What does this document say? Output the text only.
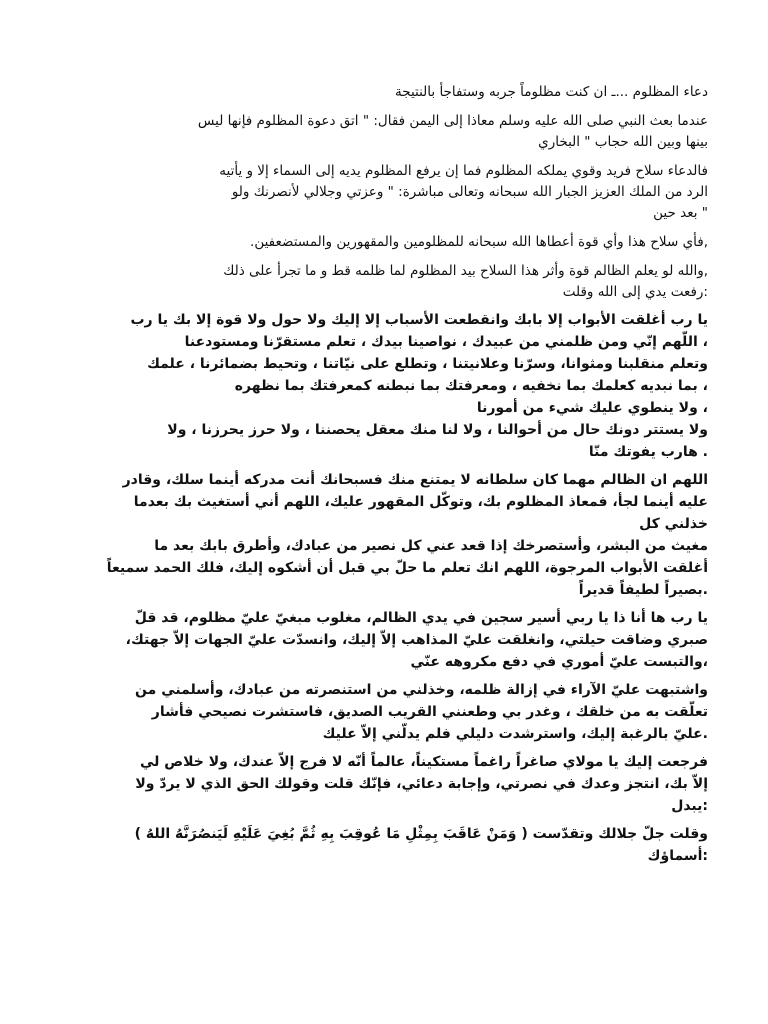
دعاء المظلوم ...ـ ان كنت مظلوماً جربه وستفاجأ بالنتيجة

عندما بعث النبي صلى الله عليه وسلم معاذا إلى اليمن فقال: " اتق دعوة المظلوم فإنها ليس
بينها وبين الله حجاب " البخاري

فالدعاء سلاح فريد وقوي يملكه المظلوم فما إن يرفع المظلوم يديه إلى السماء إلا و يأتيه
الرد من الملك العزيز الجبار الله سبحانه وتعالى مباشرة: " وعزتي وجلالي لأنصرنك ولو
" بعد حين

,فأي سلاح هذا وأي قوة أعطاها الله سبحانه للمظلومين والمقهورين والمستضعفين.

,والله لو يعلم الظالم قوة وأثر هذا السلاح بيد المظلوم لما ظلمه قط و ما تجرأ على ذلك
:رفعت يدي إلى الله وقلت

يا رب أغلقت الأبواب إلا بابك وانقطعت الأسباب إلا إليك ولا حول ولا قوة إلا بك يا رب
، اللّهم إنّي ومن ظلمني من عبيدك ، نواصينا بيدك ، تعلم مستقرّنا ومستودعنا
وتعلم منقلبنا ومثوانا، وسرّنا وعلانيتنا ، وتطلع على نيّاتنا ، وتحيط بضمائرنا ، علمك
، بما نبديه كعلمك بما نخفيه ، ومعرفتك بما نبطنه كمعرفتك بما نظهره
، ولا ينطوي عليك شيء من أمورنا
ولا يستتر دونك حال من أحوالنا ، ولا لنا منك معقل يحصننا ، ولا حرز يحرزنا ، ولا
. هارب يفوتك منّا

اللهم ان الظالم مهما كان سلطانه لا يمتنع منك فسبحانك أنت مدركه أينما سلك، وقادر
عليه أينما لجأ، فمعاذ المظلوم بك، وتوكّل المقهور عليك، اللهم أني أستغيث بك بعدما
خذلني كل
مغيث من البشر، وأستصرخك إذا قعد عني كل نصير من عبادك، وأطرق بابك بعد ما
أغلقت الأبواب المرجوة، اللهم انك تعلم ما حلّ بي قبل أن أشكوه إليك، فلك الحمد سميعاً
.بصيراً لطيفاً قديراً

يا رب ها أنا ذا يا ربي أسير سجين في يدي الظالم، مغلوب مبغيّ عليّ مظلوم، قد قلّ
صبري وضاقت حيلتي، وانغلقت عليّ المذاهب إلاّ إليك، وانسدّت عليّ الجهات إلاّ جهتك،
،والتبست عليّ أموري في دفع مكروهه عنّي

واشتبهت عليّ الآراء في إزالة ظلمه، وخذلني من استنصرته من عبادك، وأسلمني من
تعلّقت به من خلقك ، وغدر بي وطعنني القريب الصديق، فاستشرت نصيحي فأشار
.عليّ بالرغبة إليك، واسترشدت دليلي فلم يدلّني إلاّ عليك

فرجعت إليك يا مولاي صاغراً راغماً مستكيناً، عالماً أنّه لا فرج إلاّ عندك، ولا خلاص لي
إلاّ بك، انتجز وعدك في نصرتي، وإجابة دعائي، فإنّك قلت وقولك الحق الذي لا يردّ ولا
:يبدل

وقلت جلّ جلالك وتقدّست ( وَمَنْ عَاقَبَ بِمِثْلِ مَا عُوقِبَ بِهِ ثُمَّ بُغِيَ عَلَيْهِ لَيَنصُرَنَّهُ اللهُ )
:أسماؤك
